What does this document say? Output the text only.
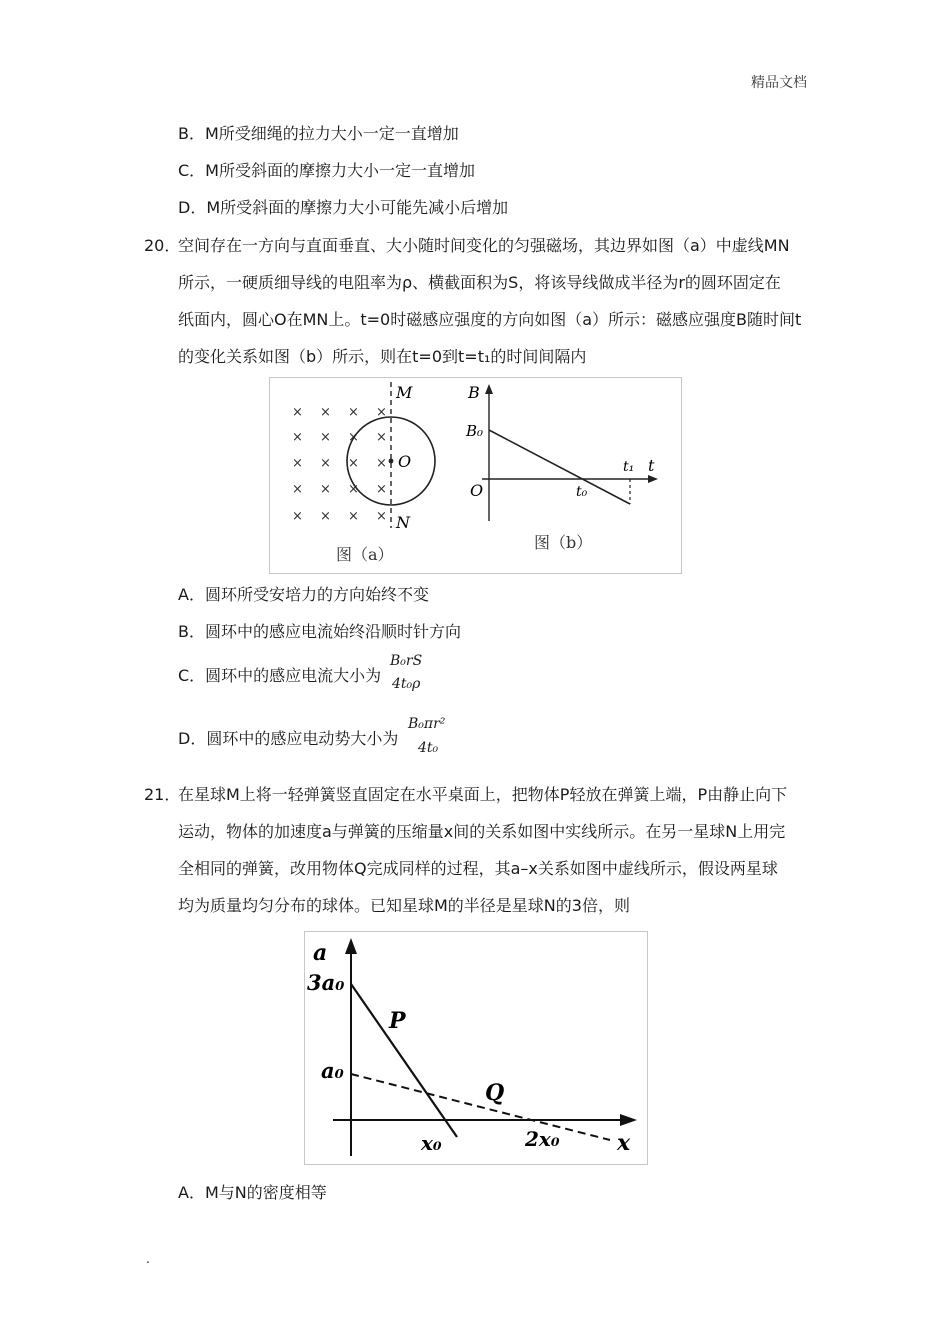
精品文档
B．M所受细绳的拉力大小一定一直增加
C．M所受斜面的摩擦力大小一定一直增加
D．M所受斜面的摩擦力大小可能先减小后增加
20．
空间存在一方向与直面垂直、大小随时间变化的匀强磁场，其边界如图（a）中虚线MN
所示，一硬质细导线的电阻率为ρ、横截面积为S，将该导线做成半径为r的圆环固定在
纸面内，圆心O在MN上。t=0时磁感应强度的方向如图（a）所示：磁感应强度B随时间t
的变化关系如图（b）所示，则在t=0到t=t₁的时间间隔内
× × × ×
× × × ×
× × × ×
× × × ×
× × × ×
M
O
N
图（a）
B
B₀
O
t
t₀
t₁
图（b）
A．圆环所受安培力的方向始终不变
B．圆环中的感应电流始终沿顺时针方向
C．圆环中的感应电流大小为
B₀rS
4t₀ρ
D．圆环中的感应电动势大小为
B₀πr²
4t₀
21．
在星球M上将一轻弹簧竖直固定在水平桌面上，把物体P轻放在弹簧上端，P由静止向下
运动，物体的加速度a与弹簧的压缩量x间的关系如图中实线所示。在另一星球N上用完
全相同的弹簧，改用物体Q完成同样的过程，其a–x关系如图中虚线所示，假设两星球
均为质量均匀分布的球体。已知星球M的半径是星球N的3倍，则
a
3a₀
a₀
P
Q
x₀	2x₀	x
A．M与N的密度相等
.
